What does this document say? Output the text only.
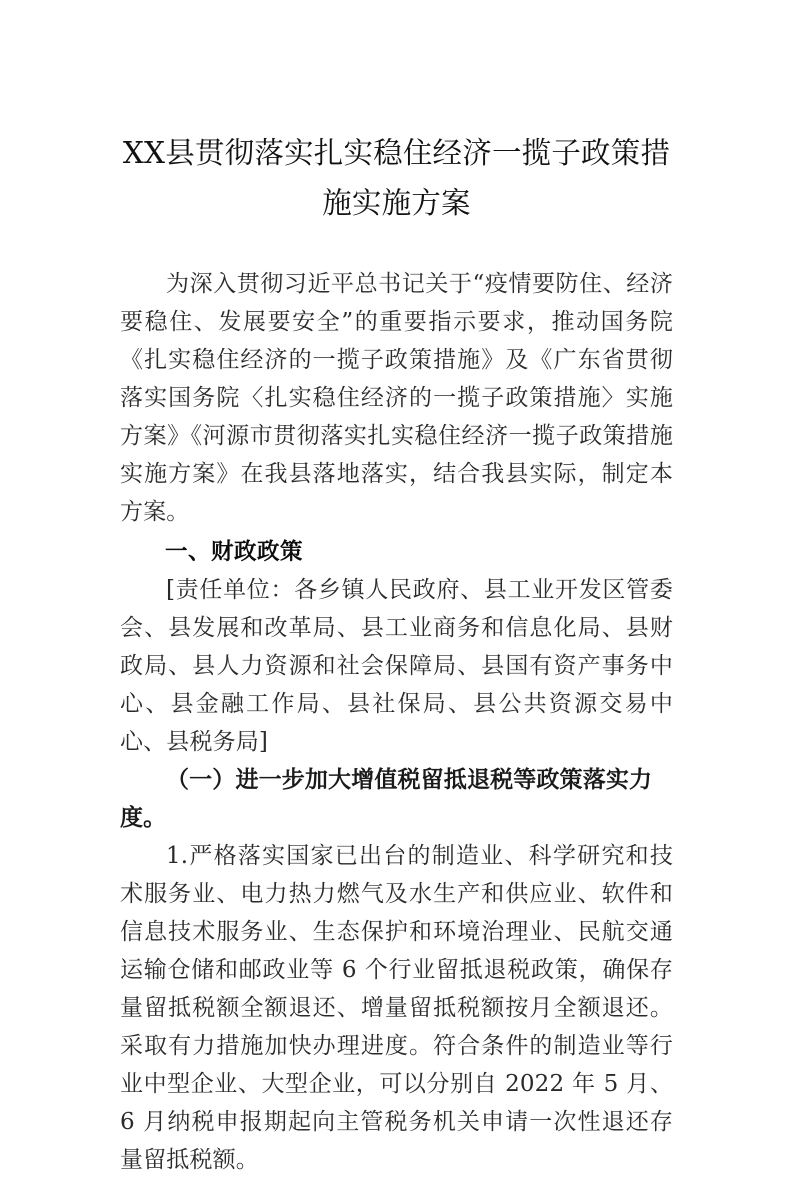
XX县贯彻落实扎实稳住经济一揽子政策措施实施方案

为深入贯彻习近平总书记关于“疫情要防住、经济要稳住、发展要安全”的重要指示要求，推动国务院《扎实稳住经济的一揽子政策措施》及《广东省贯彻落实国务院〈扎实稳住经济的一揽子政策措施〉实施方案》《河源市贯彻落实扎实稳住经济一揽子政策措施实施方案》在我县落地落实，结合我县实际，制定本方案。

一、财政政策

[责任单位：各乡镇人民政府、县工业开发区管委会、县发展和改革局、县工业商务和信息化局、县财政局、县人力资源和社会保障局、县国有资产事务中心、县金融工作局、县社保局、县公共资源交易中心、县税务局]

（一）进一步加大增值税留抵退税等政策落实力度。

1.严格落实国家已出台的制造业、科学研究和技术服务业、电力热力燃气及水生产和供应业、软件和信息技术服务业、生态保护和环境治理业、民航交通运输仓储和邮政业等 6 个行业留抵退税政策，确保存量留抵税额全额退还、增量留抵税额按月全额退还。采取有力措施加快办理进度。符合条件的制造业等行业中型企业、大型企业，可以分别自 2022 年 5 月、6 月纳税申报期起向主管税务机关申请一次性退还存量留抵税额。
